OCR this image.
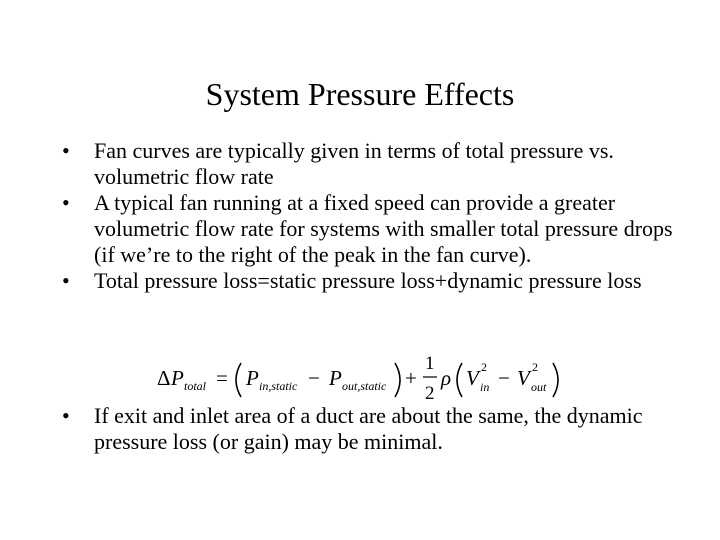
System Pressure Effects
•	Fan curves are typically given in terms of total pressure vs. volumetric flow rate
•	A typical fan running at a fixed speed can provide a greater volumetric flow rate for systems with smaller total pressure drops (if we’re to the right of the peak in the fan curve).
•	Total pressure loss=static pressure loss+dynamic pressure loss
Δ P total = P in,static − P out,static +
1
2
ρ V 2
in − V 2
out
•	If exit and inlet area of a duct are about the same, the dynamic pressure loss (or gain) may be minimal.
